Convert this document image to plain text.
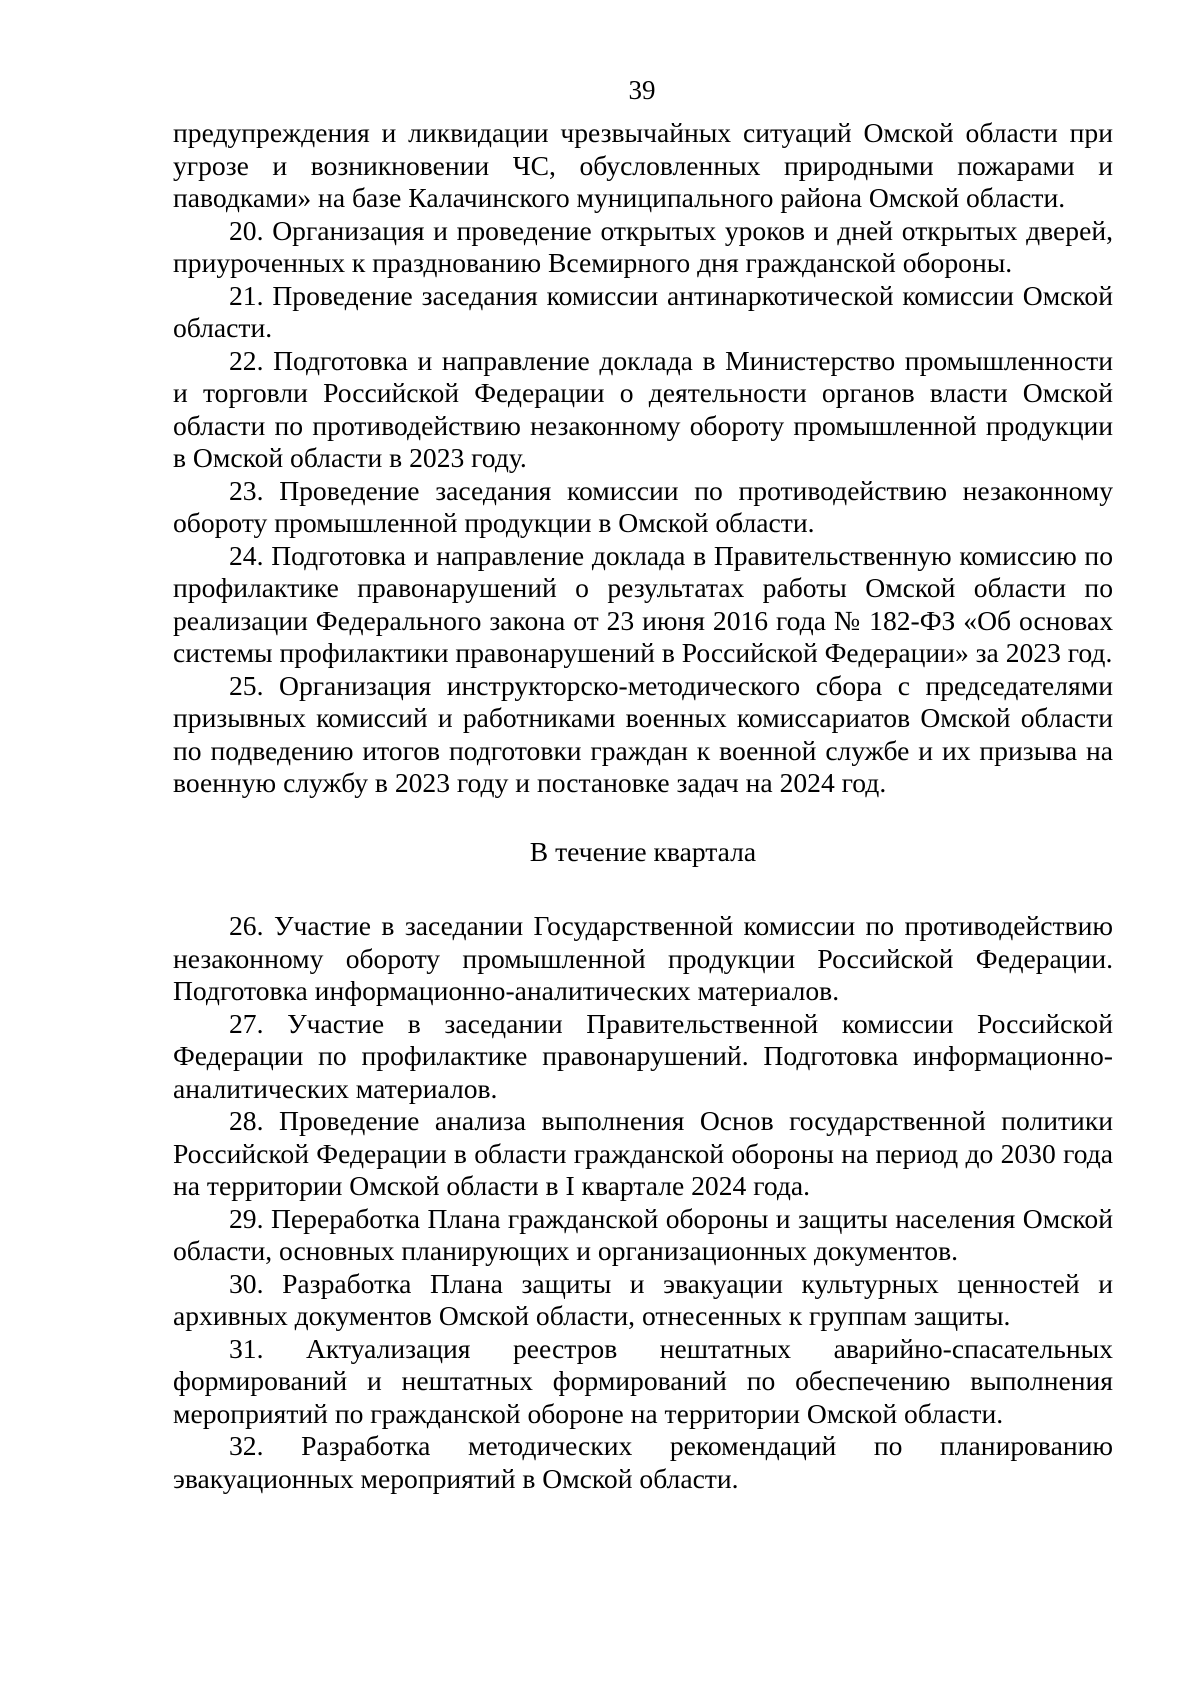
39

предупреждения и ликвидации чрезвычайных ситуаций Омской области при угрозе и возникновении ЧС, обусловленных природными пожарами и паводками» на базе Калачинского муниципального района Омской области.

20. Организация и проведение открытых уроков и дней открытых дверей, приуроченных к празднованию Всемирного дня гражданской обороны.

21. Проведение заседания комиссии антинаркотической комиссии Омской области.

22. Подготовка и направление доклада в Министерство промышленности и торговли Российской Федерации о деятельности органов власти Омской области по противодействию незаконному обороту промышленной продукции в Омской области в 2023 году.

23. Проведение заседания комиссии по противодействию незаконному обороту промышленной продукции в Омской области.

24. Подготовка и направление доклада в Правительственную комиссию по профилактике правонарушений о результатах работы Омской области по реализации Федерального закона от 23 июня 2016 года № 182-ФЗ «Об основах системы профилактики правонарушений в Российской Федерации» за 2023 год.

25. Организация инструкторско-методического сбора с председателями призывных комиссий и работниками военных комиссариатов Омской области по подведению итогов подготовки граждан к военной службе и их призыва на военную службу в 2023 году и постановке задач на 2024 год.

В течение квартала

26. Участие в заседании Государственной комиссии по противодействию незаконному обороту промышленной продукции Российской Федерации. Подготовка информационно-аналитических материалов.

27. Участие в заседании Правительственной комиссии Российской Федерации по профилактике правонарушений. Подготовка информационно-аналитических материалов.

28. Проведение анализа выполнения Основ государственной политики Российской Федерации в области гражданской обороны на период до 2030 года на территории Омской области в I квартале 2024 года.

29. Переработка Плана гражданской обороны и защиты населения Омской области, основных планирующих и организационных документов.

30. Разработка Плана защиты и эвакуации культурных ценностей и архивных документов Омской области, отнесенных к группам защиты.

31. Актуализация реестров нештатных аварийно-спасательных формирований и нештатных формирований по обеспечению выполнения мероприятий по гражданской обороне на территории Омской области.

32. Разработка методических рекомендаций по планированию эвакуационных мероприятий в Омской области.
